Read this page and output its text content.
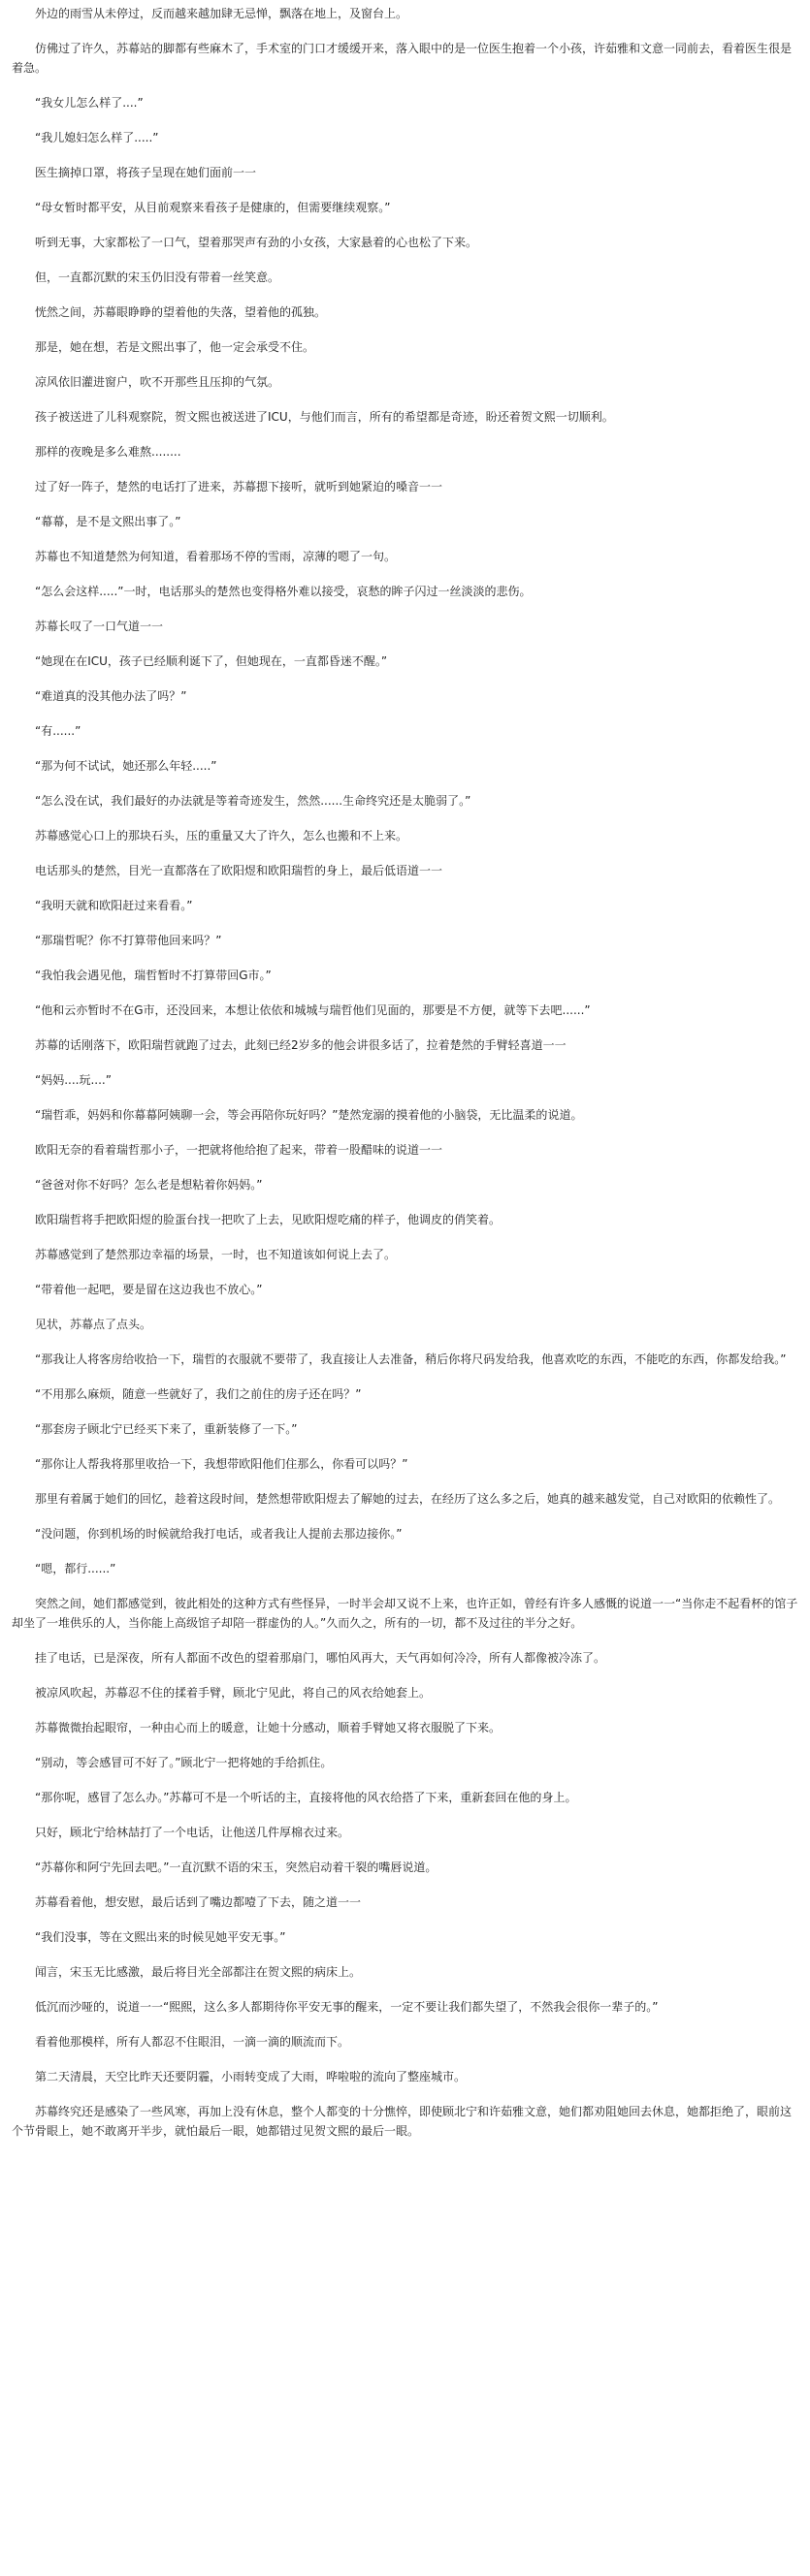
外边的雨雪从未停过，反而越来越加肆无忌惮，飘落在地上，及窗台上。

仿佛过了许久，苏幕站的脚都有些麻木了，手术室的门口才缓缓开来，落入眼中的是一位医生抱着一个小孩，许茹雅和文意一同前去，看着医生很是着急。

“我女儿怎么样了....”

“我儿媳妇怎么样了.....”

医生摘掉口罩，将孩子呈现在她们面前一一

“母女暂时都平安，从目前观察来看孩子是健康的，但需要继续观察。”

听到无事，大家都松了一口气，望着那哭声有劲的小女孩，大家悬着的心也松了下来。

但，一直都沉默的宋玉仍旧没有带着一丝笑意。

恍然之间，苏幕眼睁睁的望着他的失落，望着他的孤独。

那是，她在想，若是文熙出事了，他一定会承受不住。

凉风依旧灌进窗户，吹不开那些且压抑的气氛。

孩子被送进了儿科观察院，贺文熙也被送进了ICU，与他们而言，所有的希望都是奇迹，盼还着贺文熙一切顺利。

那样的夜晚是多么难熬........

过了好一阵子，楚然的电话打了进来，苏幕摁下接听，就听到她紧迫的嗓音一一

“幕幕，是不是文熙出事了。”

苏幕也不知道楚然为何知道，看着那场不停的雪雨，凉薄的嗯了一句。

“怎么会这样.....”一时，电话那头的楚然也变得格外难以接受，哀愁的眸子闪过一丝淡淡的悲伤。

苏幕长叹了一口气道一一

“她现在在ICU，孩子已经顺利诞下了，但她现在，一直都昏迷不醒。”

“难道真的没其他办法了吗？”

“有......”

“那为何不试试，她还那么年轻.....”

“怎么没在试，我们最好的办法就是等着奇迹发生，然然......生命终究还是太脆弱了。”

苏幕感觉心口上的那块石头，压的重量又大了许久，怎么也搬和不上来。

电话那头的楚然，目光一直都落在了欧阳煜和欧阳瑞哲的身上，最后低语道一一

“我明天就和欧阳赶过来看看。”

“那瑞哲呢？你不打算带他回来吗？”

“我怕我会遇见他，瑞哲暂时不打算带回G市。”

“他和云亦暂时不在G市，还没回来，本想让依依和城城与瑞哲他们见面的，那要是不方便，就等下去吧......”

苏幕的话刚落下，欧阳瑞哲就跑了过去，此刻已经2岁多的他会讲很多话了，拉着楚然的手臂轻喜道一一

“妈妈....玩....”

“瑞哲乖，妈妈和你幕幕阿姨聊一会，等会再陪你玩好吗？”楚然宠溺的摸着他的小脑袋，无比温柔的说道。

欧阳无奈的看着瑞哲那小子，一把就将他给抱了起来，带着一股醋味的说道一一

“爸爸对你不好吗？怎么老是想粘着你妈妈。”

欧阳瑞哲将手把欧阳煜的脸蛋台找一把吹了上去，见欧阳煜吃痛的样子，他调皮的俏笑着。

苏幕感觉到了楚然那边幸福的场景，一时，也不知道该如何说上去了。

“带着他一起吧，要是留在这边我也不放心。”

见状，苏幕点了点头。

“那我让人将客房给收拾一下，瑞哲的衣服就不要带了，我直接让人去准备，稍后你将尺码发给我，他喜欢吃的东西，不能吃的东西，你都发给我。”

“不用那么麻烦，随意一些就好了，我们之前住的房子还在吗？”

“那套房子顾北宁已经买下来了，重新装修了一下。”

“那你让人帮我将那里收拾一下，我想带欧阳他们住那么，你看可以吗？”

那里有着属于她们的回忆，趁着这段时间，楚然想带欧阳煜去了解她的过去，在经历了这么多之后，她真的越来越发觉，自己对欧阳的依赖性了。

“没问题，你到机场的时候就给我打电话，或者我让人提前去那边接你。”

“嗯，都行......”

突然之间，她们都感觉到，彼此相处的这种方式有些怪异，一时半会却又说不上来，也许正如，曾经有许多人感慨的说道一一“当你走不起看杯的馆子却坐了一堆供乐的人，当你能上高级馆子却陪一群虚伪的人。”久而久之，所有的一切，都不及过往的半分之好。

挂了电话，已是深夜，所有人都面不改色的望着那扇门，哪怕风再大，天气再如何冷冷，所有人都像被冷冻了。

被凉风吹起，苏幕忍不住的揉着手臂，顾北宁见此，将自己的风衣给她套上。

苏幕微微抬起眼帘，一种由心而上的暖意，让她十分感动，顺着手臂她又将衣服脱了下来。

“别动，等会感冒可不好了。”顾北宁一把将她的手给抓住。

“那你呢，感冒了怎么办。”苏幕可不是一个听话的主，直接将他的风衣给搭了下来，重新套回在他的身上。

只好，顾北宁给林喆打了一个电话，让他送几件厚棉衣过来。

“苏幕你和阿宁先回去吧。”一直沉默不语的宋玉，突然启动着干裂的嘴唇说道。

苏幕看着他，想安慰，最后话到了嘴边都噎了下去，随之道一一

“我们没事，等在文熙出来的时候见她平安无事。”

闻言，宋玉无比感激，最后将目光全部都注在贺文熙的病床上。

低沉而沙哑的，说道一一“熙熙，这么多人都期待你平安无事的醒来，一定不要让我们都失望了，不然我会很你一辈子的。”

看着他那模样，所有人都忍不住眼泪，一滴一滴的顺流而下。

第二天清晨，天空比昨天还要阴霾，小雨转变成了大雨，哗啦啦的流向了整座城市。

苏幕终究还是感染了一些风寒，再加上没有休息，整个人都变的十分憔悴，即使顾北宁和许茹雅文意，她们都劝阻她回去休息，她都拒绝了，眼前这个节骨眼上，她不敢离开半步，就怕最后一眼，她都错过见贺文熙的最后一眼。
